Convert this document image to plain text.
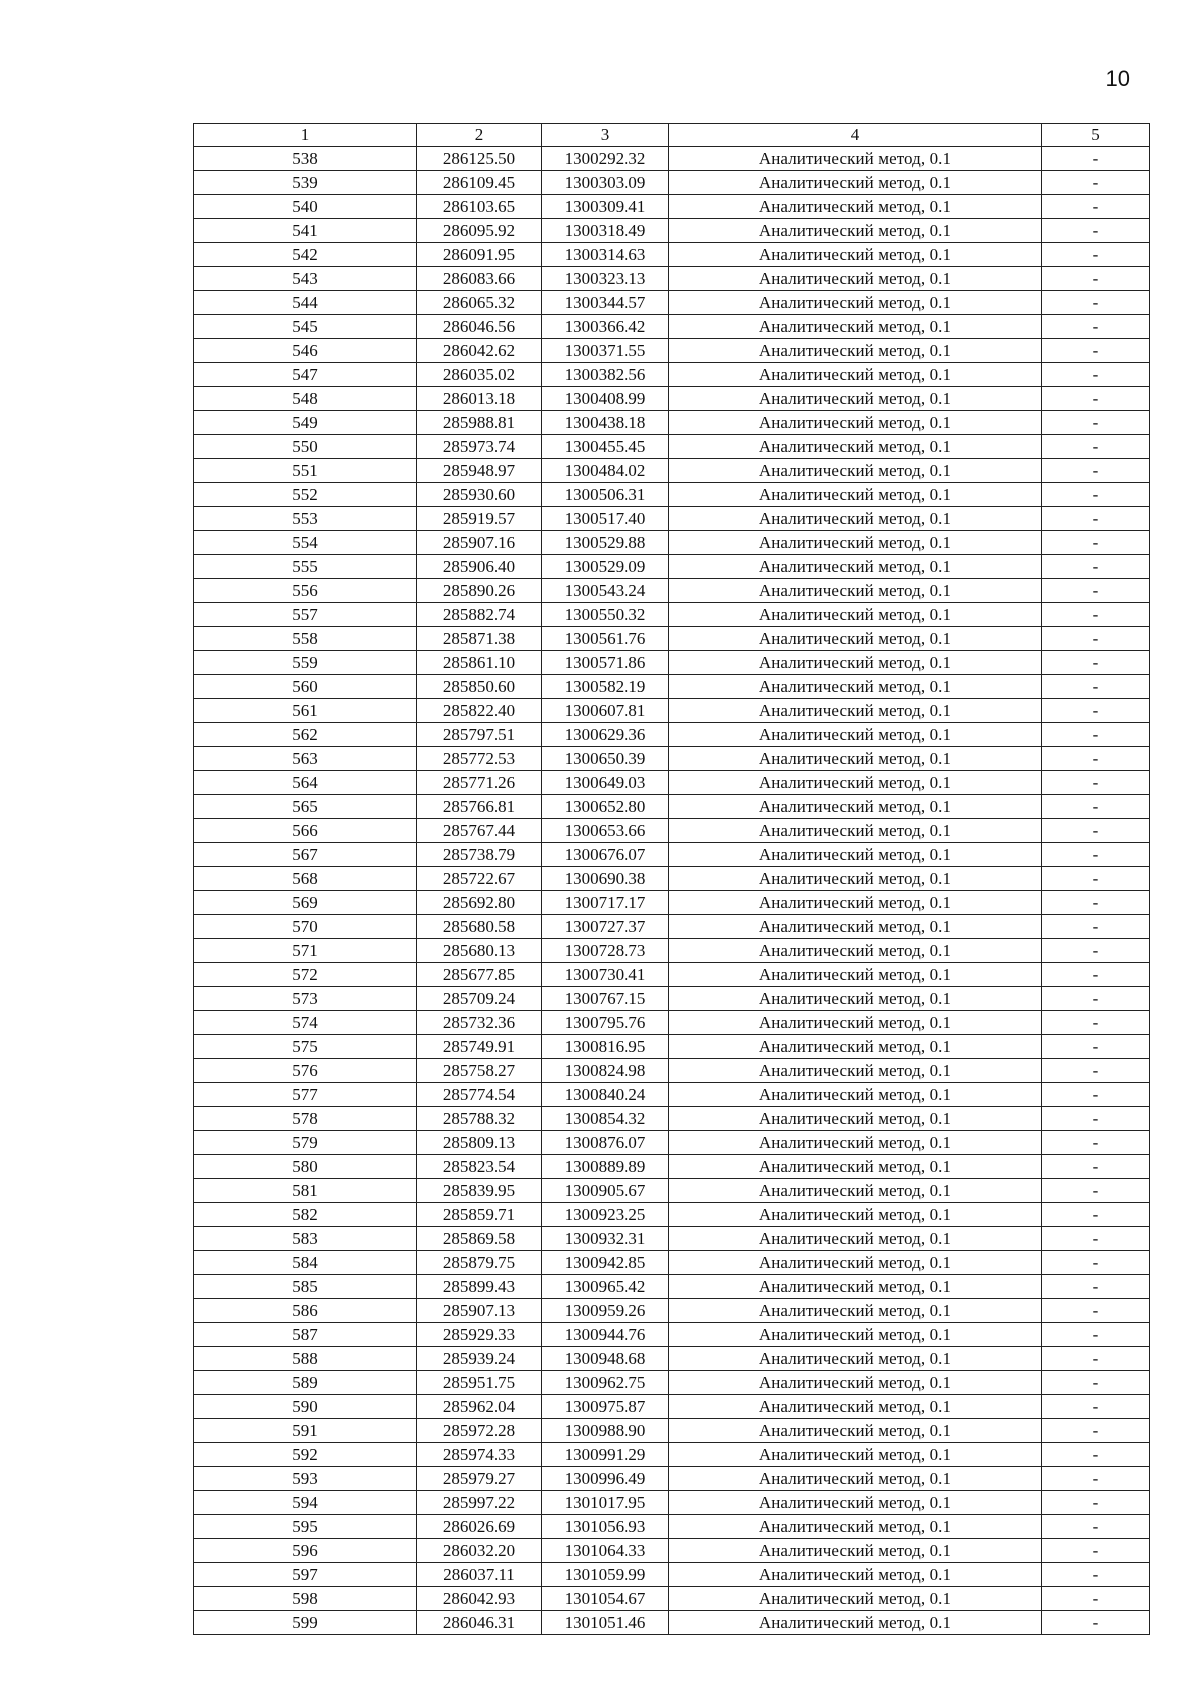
10
1	2	3	4	5
538	286125.50	1300292.32	Аналитический метод, 0.1	-
539	286109.45	1300303.09	Аналитический метод, 0.1	-
540	286103.65	1300309.41	Аналитический метод, 0.1	-
541	286095.92	1300318.49	Аналитический метод, 0.1	-
542	286091.95	1300314.63	Аналитический метод, 0.1	-
543	286083.66	1300323.13	Аналитический метод, 0.1	-
544	286065.32	1300344.57	Аналитический метод, 0.1	-
545	286046.56	1300366.42	Аналитический метод, 0.1	-
546	286042.62	1300371.55	Аналитический метод, 0.1	-
547	286035.02	1300382.56	Аналитический метод, 0.1	-
548	286013.18	1300408.99	Аналитический метод, 0.1	-
549	285988.81	1300438.18	Аналитический метод, 0.1	-
550	285973.74	1300455.45	Аналитический метод, 0.1	-
551	285948.97	1300484.02	Аналитический метод, 0.1	-
552	285930.60	1300506.31	Аналитический метод, 0.1	-
553	285919.57	1300517.40	Аналитический метод, 0.1	-
554	285907.16	1300529.88	Аналитический метод, 0.1	-
555	285906.40	1300529.09	Аналитический метод, 0.1	-
556	285890.26	1300543.24	Аналитический метод, 0.1	-
557	285882.74	1300550.32	Аналитический метод, 0.1	-
558	285871.38	1300561.76	Аналитический метод, 0.1	-
559	285861.10	1300571.86	Аналитический метод, 0.1	-
560	285850.60	1300582.19	Аналитический метод, 0.1	-
561	285822.40	1300607.81	Аналитический метод, 0.1	-
562	285797.51	1300629.36	Аналитический метод, 0.1	-
563	285772.53	1300650.39	Аналитический метод, 0.1	-
564	285771.26	1300649.03	Аналитический метод, 0.1	-
565	285766.81	1300652.80	Аналитический метод, 0.1	-
566	285767.44	1300653.66	Аналитический метод, 0.1	-
567	285738.79	1300676.07	Аналитический метод, 0.1	-
568	285722.67	1300690.38	Аналитический метод, 0.1	-
569	285692.80	1300717.17	Аналитический метод, 0.1	-
570	285680.58	1300727.37	Аналитический метод, 0.1	-
571	285680.13	1300728.73	Аналитический метод, 0.1	-
572	285677.85	1300730.41	Аналитический метод, 0.1	-
573	285709.24	1300767.15	Аналитический метод, 0.1	-
574	285732.36	1300795.76	Аналитический метод, 0.1	-
575	285749.91	1300816.95	Аналитический метод, 0.1	-
576	285758.27	1300824.98	Аналитический метод, 0.1	-
577	285774.54	1300840.24	Аналитический метод, 0.1	-
578	285788.32	1300854.32	Аналитический метод, 0.1	-
579	285809.13	1300876.07	Аналитический метод, 0.1	-
580	285823.54	1300889.89	Аналитический метод, 0.1	-
581	285839.95	1300905.67	Аналитический метод, 0.1	-
582	285859.71	1300923.25	Аналитический метод, 0.1	-
583	285869.58	1300932.31	Аналитический метод, 0.1	-
584	285879.75	1300942.85	Аналитический метод, 0.1	-
585	285899.43	1300965.42	Аналитический метод, 0.1	-
586	285907.13	1300959.26	Аналитический метод, 0.1	-
587	285929.33	1300944.76	Аналитический метод, 0.1	-
588	285939.24	1300948.68	Аналитический метод, 0.1	-
589	285951.75	1300962.75	Аналитический метод, 0.1	-
590	285962.04	1300975.87	Аналитический метод, 0.1	-
591	285972.28	1300988.90	Аналитический метод, 0.1	-
592	285974.33	1300991.29	Аналитический метод, 0.1	-
593	285979.27	1300996.49	Аналитический метод, 0.1	-
594	285997.22	1301017.95	Аналитический метод, 0.1	-
595	286026.69	1301056.93	Аналитический метод, 0.1	-
596	286032.20	1301064.33	Аналитический метод, 0.1	-
597	286037.11	1301059.99	Аналитический метод, 0.1	-
598	286042.93	1301054.67	Аналитический метод, 0.1	-
599	286046.31	1301051.46	Аналитический метод, 0.1	-
